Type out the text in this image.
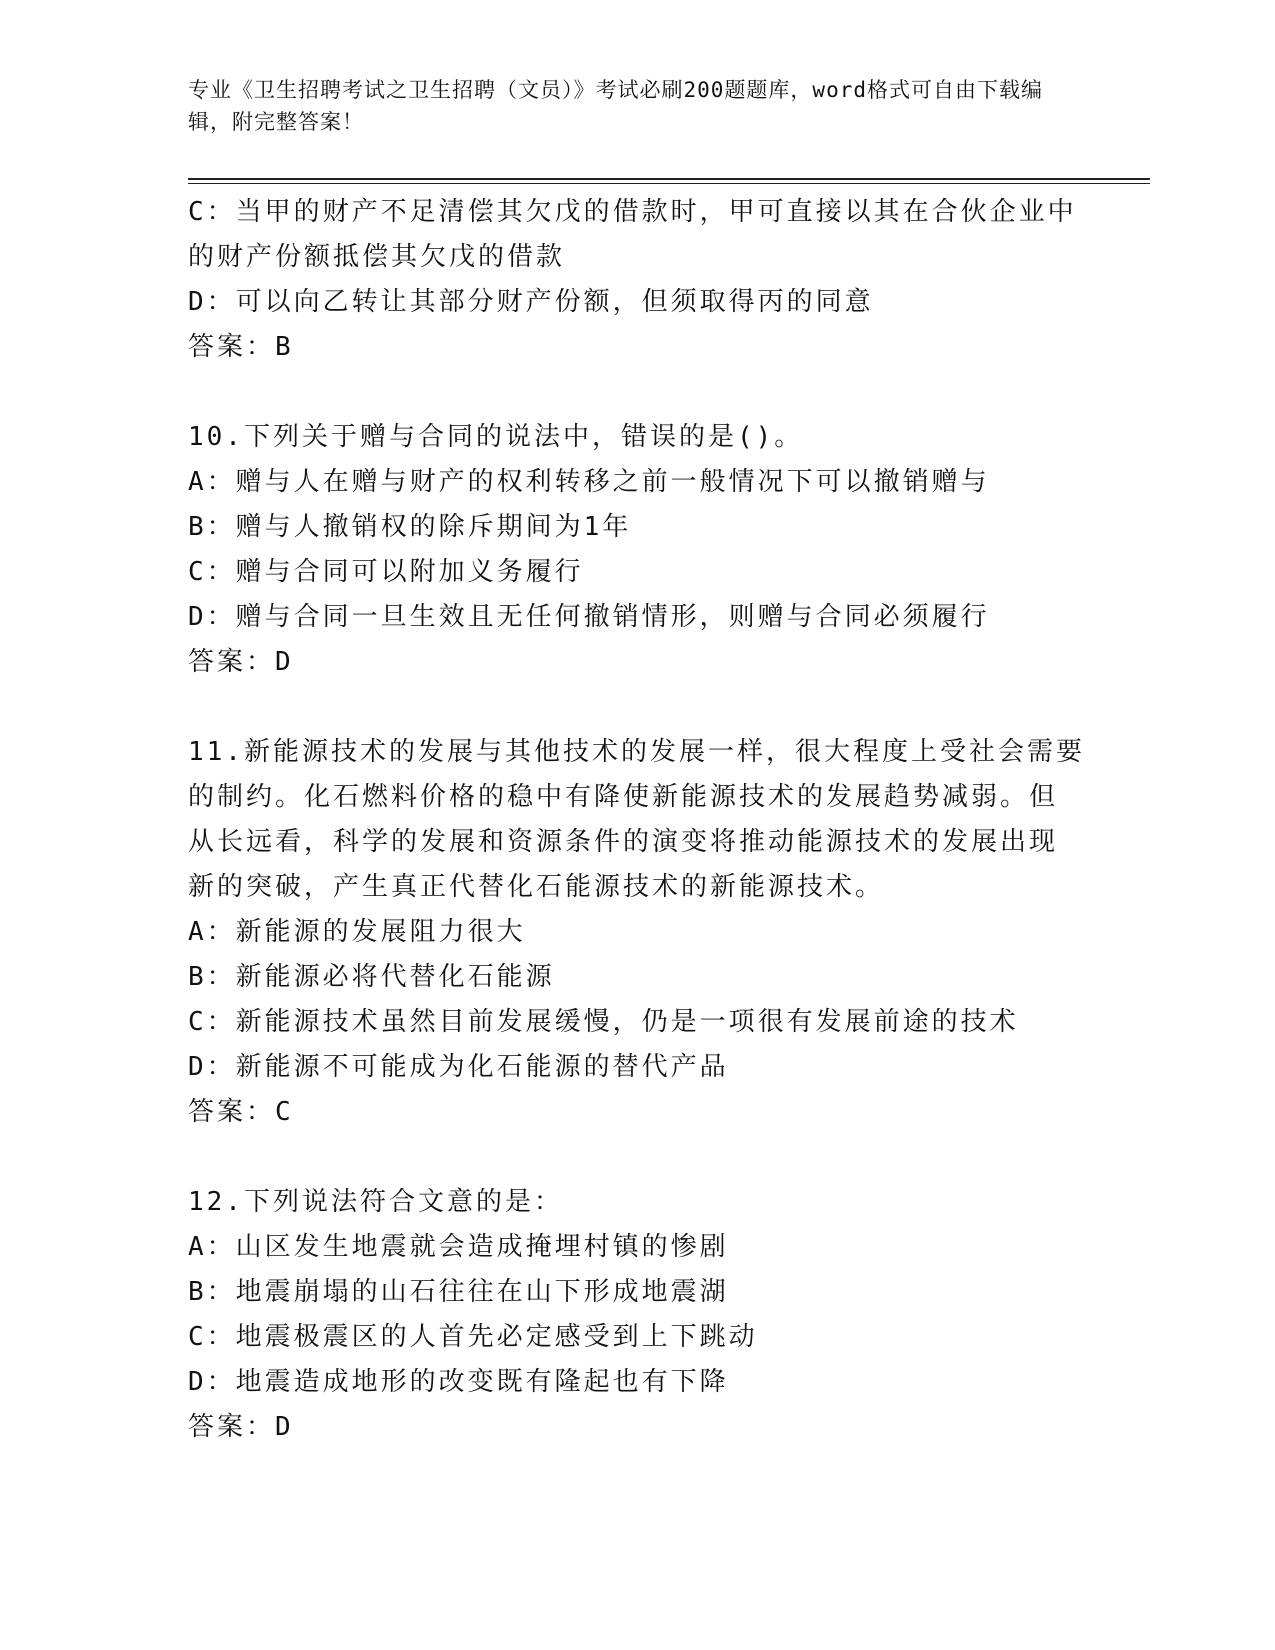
专业《卫生招聘考试之卫生招聘（文员）》考试必刷200题题库，word格式可自由下载编辑，附完整答案！
C：当甲的财产不足清偿其欠戊的借款时，甲可直接以其在合伙企业中
的财产份额抵偿其欠戊的借款
D：可以向乙转让其部分财产份额，但须取得丙的同意
答案：B
10.下列关于赠与合同的说法中，错误的是()。
A：赠与人在赠与财产的权利转移之前一般情况下可以撤销赠与
B：赠与人撤销权的除斥期间为1年
C：赠与合同可以附加义务履行
D：赠与合同一旦生效且无任何撤销情形，则赠与合同必须履行
答案：D
11.新能源技术的发展与其他技术的发展一样，很大程度上受社会需要
的制约。化石燃料价格的稳中有降使新能源技术的发展趋势减弱。但
从长远看，科学的发展和资源条件的演变将推动能源技术的发展出现
新的突破，产生真正代替化石能源技术的新能源技术。
A：新能源的发展阻力很大
B：新能源必将代替化石能源
C：新能源技术虽然目前发展缓慢，仍是一项很有发展前途的技术
D：新能源不可能成为化石能源的替代产品
答案：C
12.下列说法符合文意的是：
A：山区发生地震就会造成掩埋村镇的惨剧
B：地震崩塌的山石往往在山下形成地震湖
C：地震极震区的人首先必定感受到上下跳动
D：地震造成地形的改变既有隆起也有下降
答案：D
